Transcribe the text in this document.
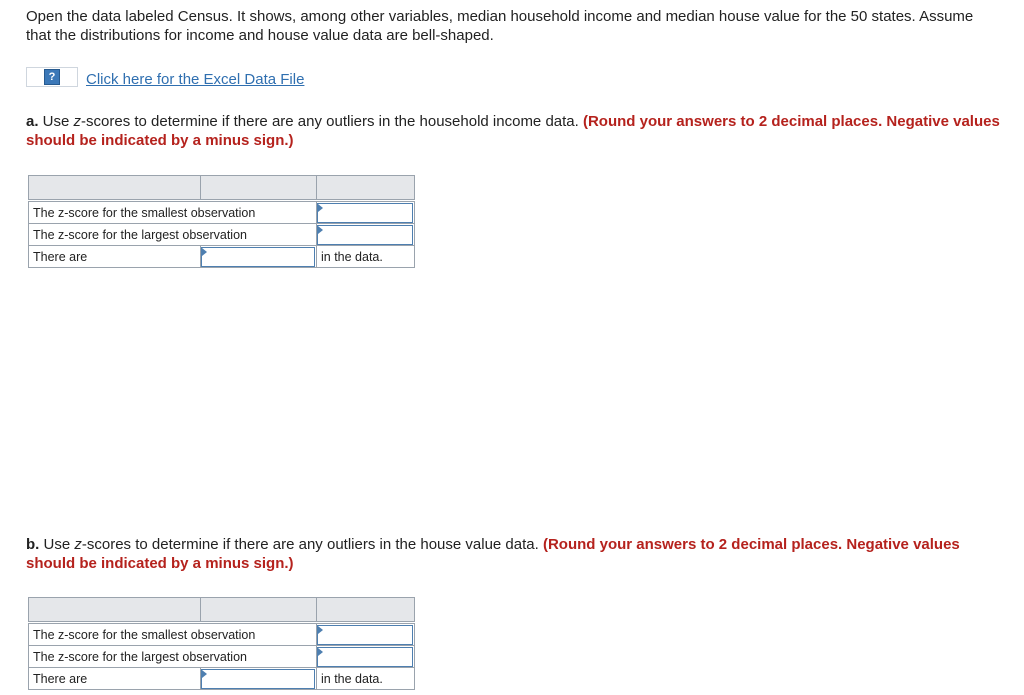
Open the data labeled Census. It shows, among other variables, median household income and median house value for the 50 states. Assume that the distributions for income and house value data are bell-shaped.
?	Click here for the Excel Data File
a. Use z-scores to determine if there are any outliers in the household income data. (Round your answers to 2 decimal places. Negative values should be indicated by a minus sign.)

The z-score for the smallest observation		

The z-score for the largest observation		

There are		in the data.
b. Use z-scores to determine if there are any outliers in the house value data. (Round your answers to 2 decimal places. Negative values should be indicated by a minus sign.)

The z-score for the smallest observation		

The z-score for the largest observation		

There are		in the data.
